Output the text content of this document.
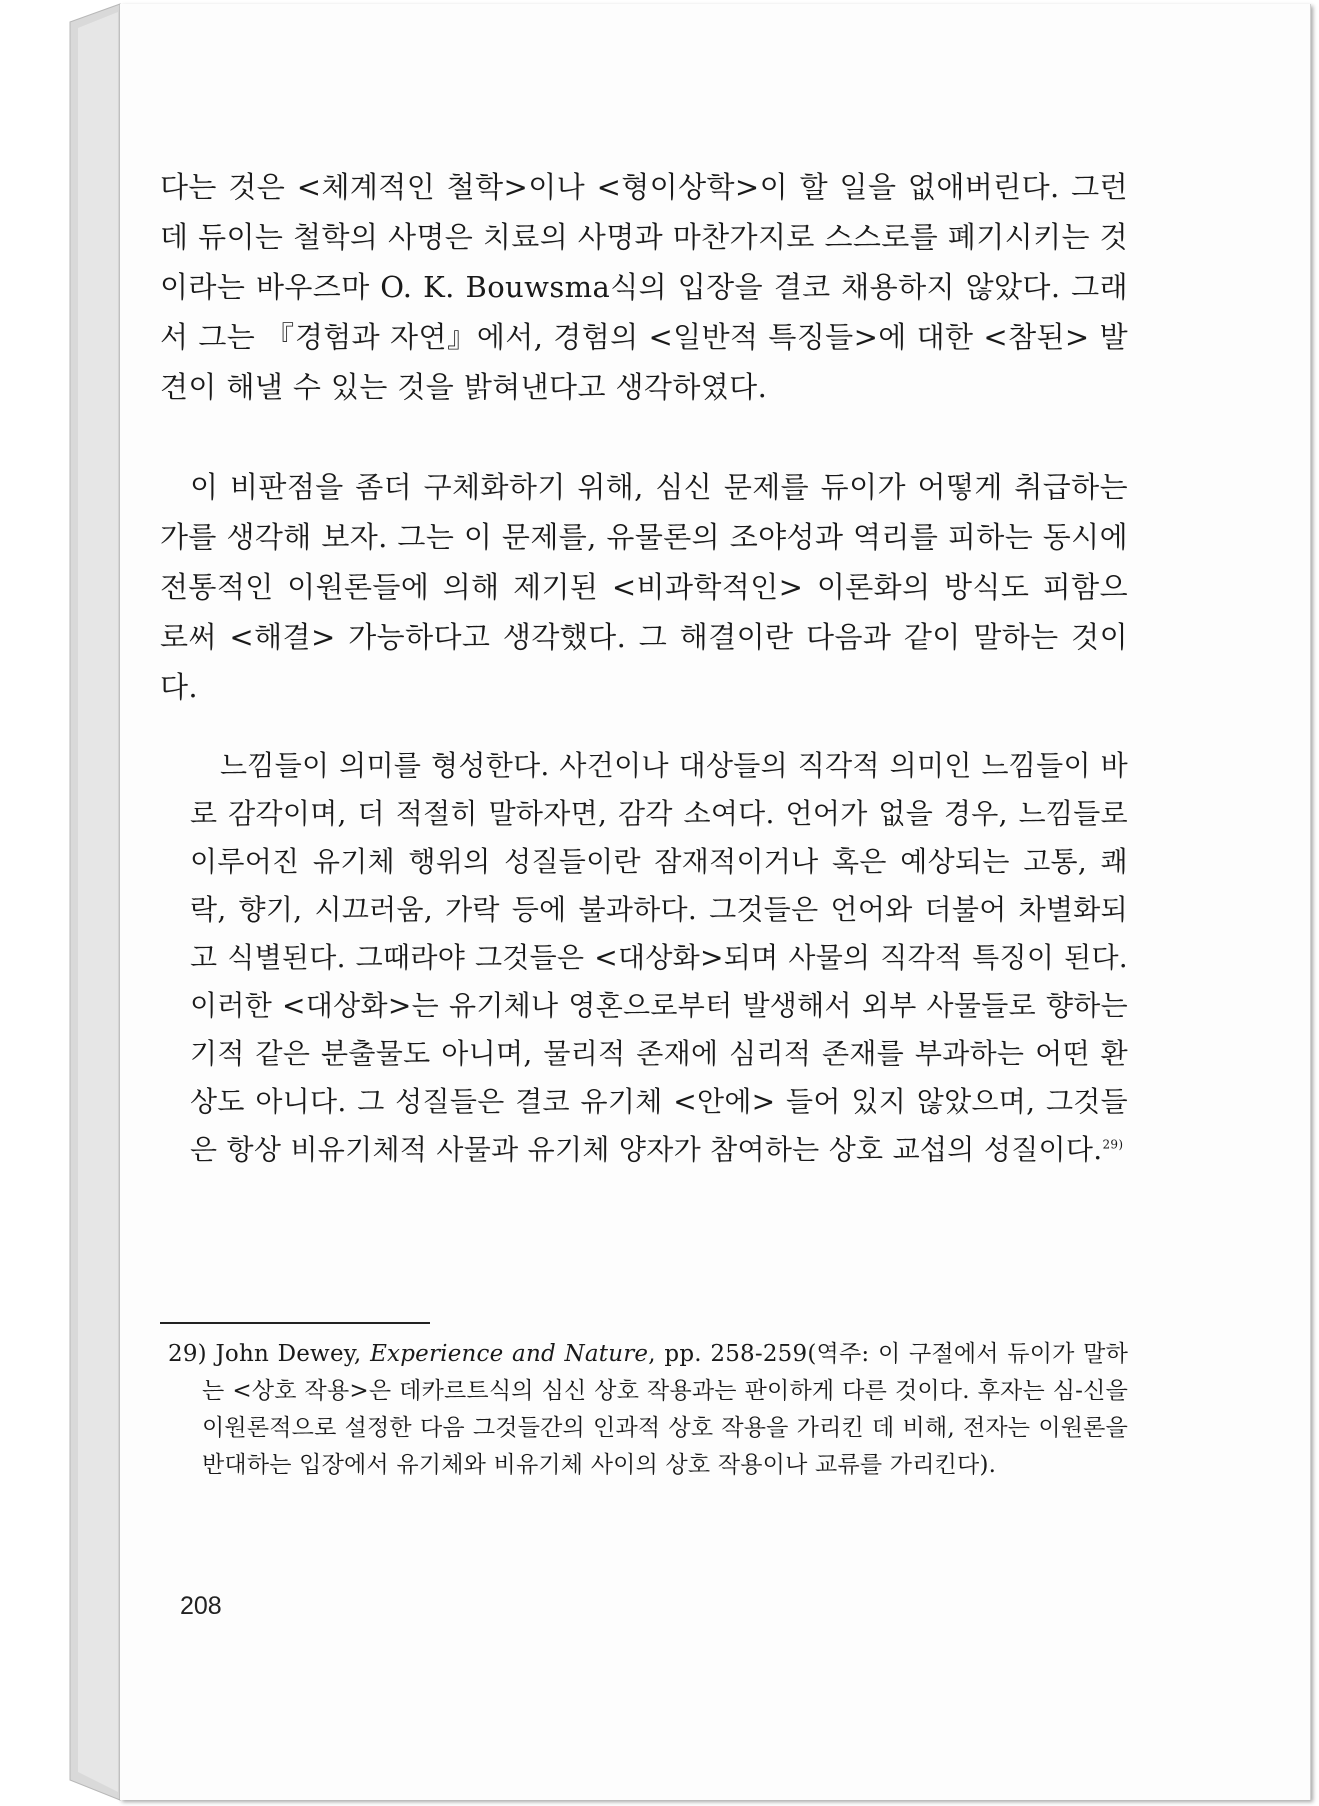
다는 것은 <체계적인 철학>이나 <형이상학>이 할 일을 없애버린다. 그런데 듀이는 철학의 사명은 치료의 사명과 마찬가지로 스스로를 폐기시키는 것이라는 바우즈마 O. K. Bouwsma식의 입장을 결코 채용하지 않았다. 그래서 그는 『경험과 자연』에서, 경험의 <일반적 특징들>에 대한 <참된> 발견이 해낼 수 있는 것을 밝혀낸다고 생각하였다.

이 비판점을 좀더 구체화하기 위해, 심신 문제를 듀이가 어떻게 취급하는가를 생각해 보자. 그는 이 문제를, 유물론의 조야성과 역리를 피하는 동시에 전통적인 이원론들에 의해 제기된 <비과학적인> 이론화의 방식도 피함으로써 <해결> 가능하다고 생각했다. 그 해결이란 다음과 같이 말하는 것이다.

느낌들이 의미를 형성한다. 사건이나 대상들의 직각적 의미인 느낌들이 바로 감각이며, 더 적절히 말하자면, 감각 소여다. 언어가 없을 경우, 느낌들로 이루어진 유기체 행위의 성질들이란 잠재적이거나 혹은 예상되는 고통, 쾌락, 향기, 시끄러움, 가락 등에 불과하다. 그것들은 언어와 더불어 차별화되고 식별된다. 그때라야 그것들은 <대상화>되며 사물의 직각적 특징이 된다. 이러한 <대상화>는 유기체나 영혼으로부터 발생해서 외부 사물들로 향하는 기적 같은 분출물도 아니며, 물리적 존재에 심리적 존재를 부과하는 어떤 환상도 아니다. 그 성질들은 결코 유기체 <안에> 들어 있지 않았으며, 그것들은 항상 비유기체적 사물과 유기체 양자가 참여하는 상호 교섭의 성질이다.$^{29)}$

29) John Dewey, Experience and Nature, pp. 258-259(역주: 이 구절에서 듀이가 말하는 <상호 작용>은 데카르트식의 심신 상호 작용과는 판이하게 다른 것이다. 후자는 심-신을 이원론적으로 설정한 다음 그것들간의 인과적 상호 작용을 가리킨 데 비해, 전자는 이원론을 반대하는 입장에서 유기체와 비유기체 사이의 상호 작용이나 교류를 가리킨다).

208
